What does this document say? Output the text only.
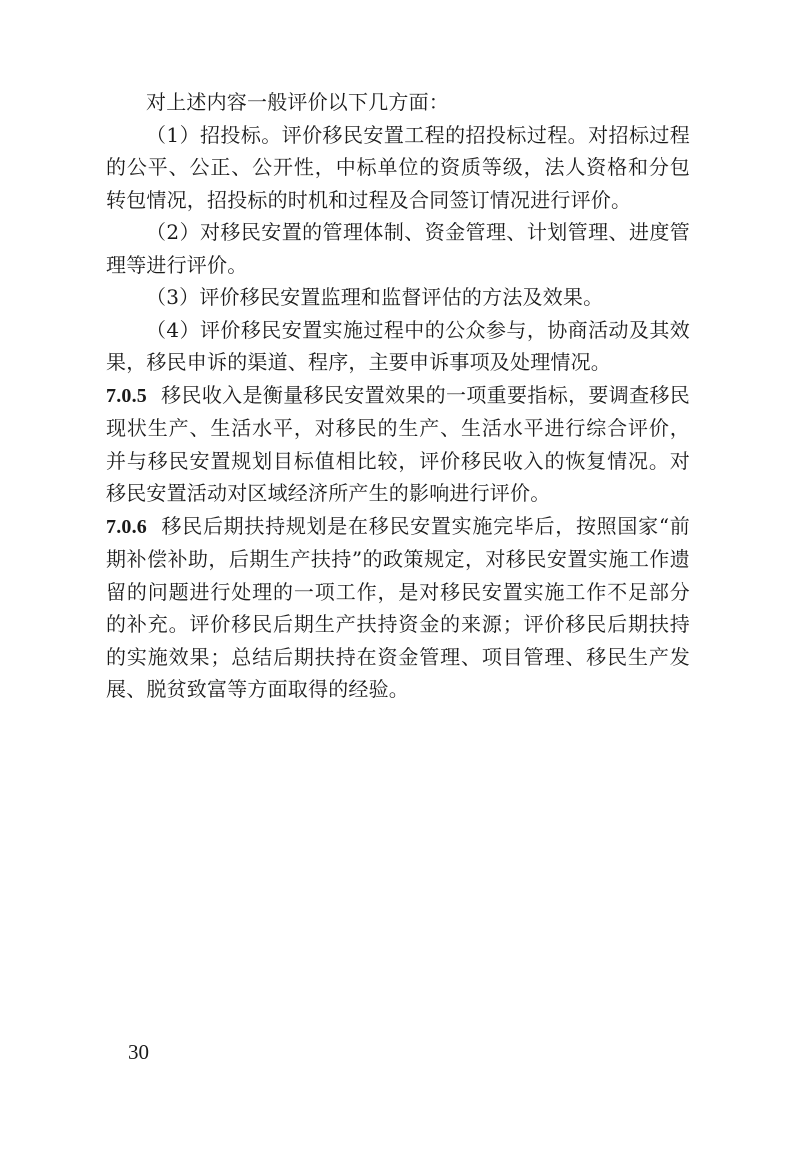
对上述内容一般评价以下几方面：

（1）招投标。评价移民安置工程的招投标过程。对招标过程的公平、公正、公开性，中标单位的资质等级，法人资格和分包转包情况，招投标的时机和过程及合同签订情况进行评价。

（2）对移民安置的管理体制、资金管理、计划管理、进度管理等进行评价。

（3）评价移民安置监理和监督评估的方法及效果。

（4）评价移民安置实施过程中的公众参与，协商活动及其效果，移民申诉的渠道、程序，主要申诉事项及处理情况。

7.0.5 移民收入是衡量移民安置效果的一项重要指标，要调查移民现状生产、生活水平，对移民的生产、生活水平进行综合评价，并与移民安置规划目标值相比较，评价移民收入的恢复情况。对移民安置活动对区域经济所产生的影响进行评价。

7.0.6 移民后期扶持规划是在移民安置实施完毕后，按照国家“前期补偿补助，后期生产扶持”的政策规定，对移民安置实施工作遗留的问题进行处理的一项工作，是对移民安置实施工作不足部分的补充。评价移民后期生产扶持资金的来源；评价移民后期扶持的实施效果；总结后期扶持在资金管理、项目管理、移民生产发展、脱贫致富等方面取得的经验。

30
